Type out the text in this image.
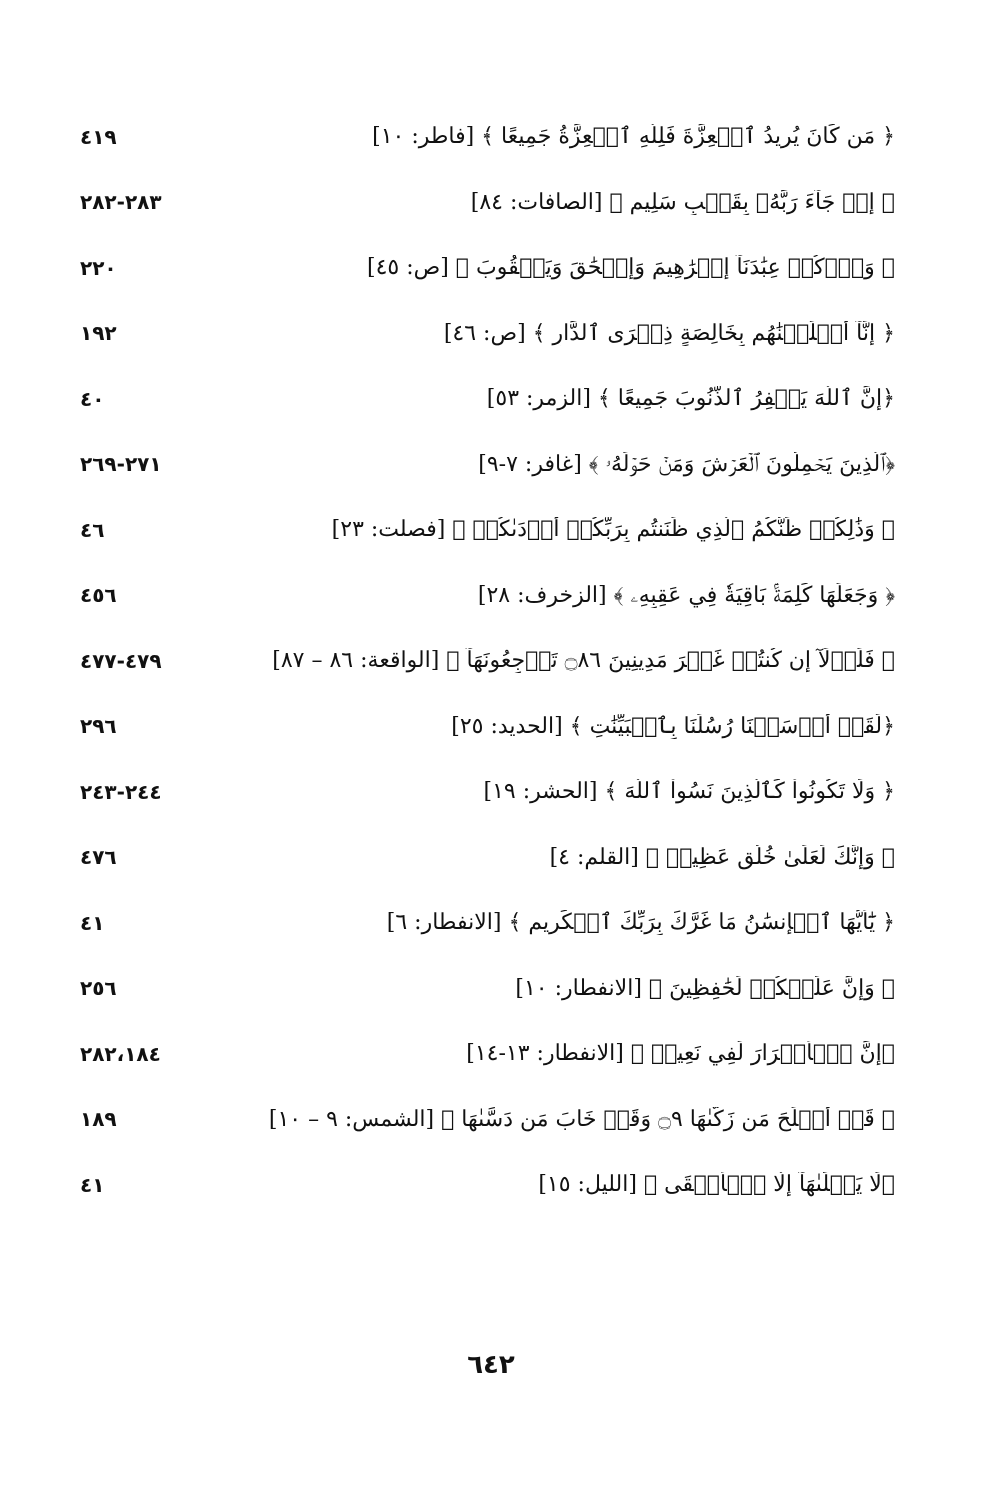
﴿ مَن كَانَ يُرِيدُ ٱلۡعِزَّةَ فَلِلَّهِ ٱلۡعِزَّةُ جَمِيعًا ﴾ [فاطر: ١٠]
٤١٩
﴿ إِذۡ جَآءَ رَبَّهُۥ بِقَلۡبٍ سَلِيمٍ ﴾ [الصافات: ٨٤]
٢٨٣-٢٨٢
﴿ وَٱذۡكُرۡ عِبَٰدَنَآ إِبۡرَٰهِيمَ وَإِسۡحَٰقَ وَيَعۡقُوبَ ﴾ [ص: ٤٥]
٢٢٠
﴿ إِنَّآ أَخۡلَصۡنَٰهُم بِخَالِصَةٍ ذِكۡرَى ٱلدَّارِ ﴾ [ص: ٤٦]
١٩٢
﴿إِنَّ ٱللَّهَ يَغۡفِرُ ٱلذُّنُوبَ جَمِيعًا ﴾ [الزمر: ٥٣]
٤٠
﴿ٱلَّذِينَ يَحۡمِلُونَ ٱلۡعَرۡشَ وَمَنۡ حَوۡلَهُۥ ﴾ [غافر: ٧-٩]
٢٧١-٢٦٩
﴿ وَذَٰلِكُمۡ ظَنُّكُمُ ٱلَّذِي ظَنَنتُم بِرَبِّكُمۡ أَرۡدَىٰكُمۡ ﴾ [فصلت: ٢٣]
٤٦
﴿ وَجَعَلَهَا كَلِمَةَۢ بَاقِيَةٗ فِي عَقِبِهِۦ ﴾ [الزخرف: ٢٨]
٤٥٦
﴿ فَلَوۡلَآ إِن كُنتُمۡ غَيۡرَ مَدِينِينَ ۝٨٦ تَرۡجِعُونَهَآ ﴾ [الواقعة: ٨٦ – ٨٧]
٤٧٩-٤٧٧
﴿لَقَدۡ أَرۡسَلۡنَا رُسُلَنَا بِٱلۡبَيِّنَٰتِ ﴾ [الحديد: ٢٥]
٢٩٦
﴿ وَلَا تَكُونُواْ كَٱلَّذِينَ نَسُواْ ٱللَّهَ ﴾ [الحشر: ١٩]
٢٤٤-٢٤٣
﴿ وَإِنَّكَ لَعَلَىٰ خُلُقٍ عَظِيمٖ ﴾ [القلم: ٤]
٤٧٦
﴿ يَٰٓأَيُّهَا ٱلۡإِنسَٰنُ مَا غَرَّكَ بِرَبِّكَ ٱلۡكَرِيمِ ﴾ [الانفطار: ٦]
٤١
﴿ وَإِنَّ عَلَيۡكُمۡ لَحَٰفِظِينَ ﴾ [الانفطار: ١٠]
٢٥٦
﴿إِنَّ ٱلۡأَبۡرَارَ لَفِي نَعِيمٖ ﴾ [الانفطار: ١٣-١٤]
٢٨٢،١٨٤
﴿ قَدۡ أَفۡلَحَ مَن زَكَّىٰهَا ۝٩ وَقَدۡ خَابَ مَن دَسَّىٰهَا ﴾ [الشمس: ٩ – ١٠]
١٨٩
﴿لَا يَصۡلَىٰهَآ إِلَّا ٱلۡأَشۡقَى ﴾ [الليل: ١٥]
٤١
٦٤٢
